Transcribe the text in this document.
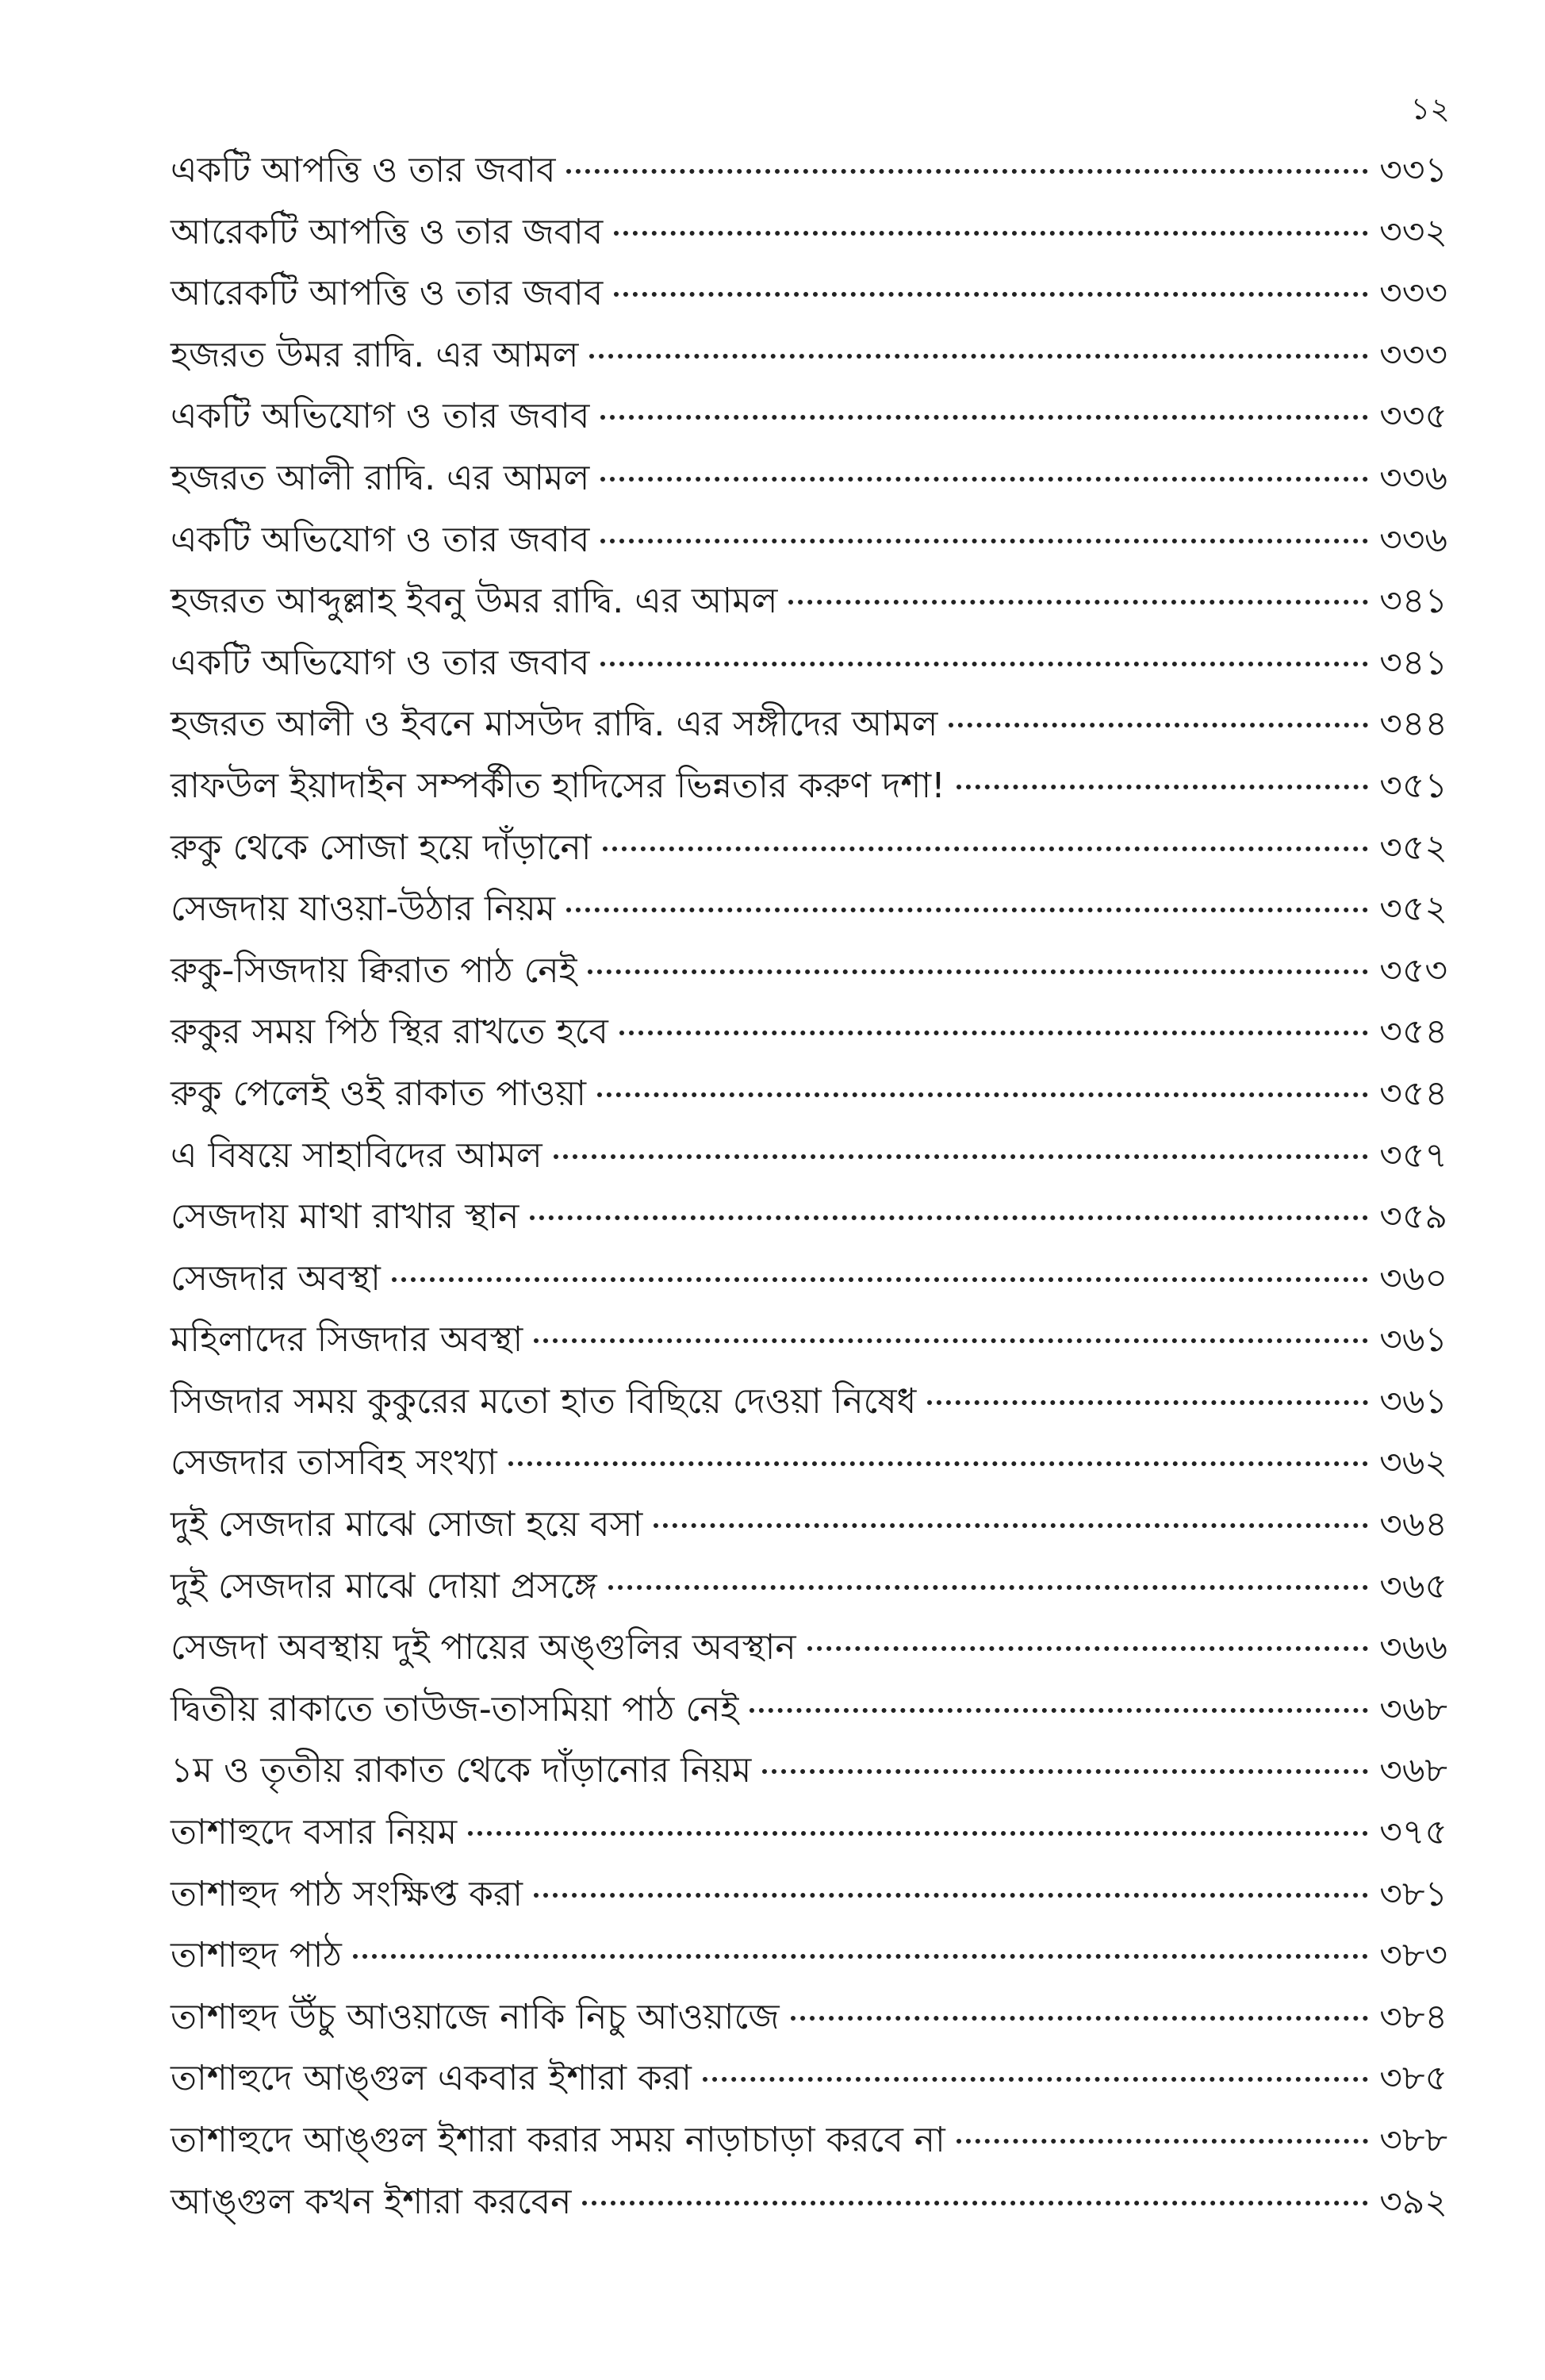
১২
একটি আপত্তি ও তার জবাব	৩৩১
আরেকটি আপত্তি ও তার জবাব	৩৩২
আরেকটি আপত্তি ও তার জবাব	৩৩৩
হজরত উমর রাদ্বি. এর আমল	৩৩৩
একটি অভিযোগ ও তার জবাব	৩৩৫
হজরত আলী রাদ্বি. এর আমল	৩৩৬
একটি অভিযোগ ও তার জবাব	৩৩৬
হজরত আব্দুল্লাহ ইবনু উমর রাদ্বি. এর আমল	৩৪১
একটি অভিযোগ ও তার জবাব	৩৪১
হজরত আলী ও ইবনে মাসউদ রাদ্বি. এর সঙ্গীদের আমল	৩৪৪
রাফউল ইয়াদাইন সম্পর্কীত হাদিসের ভিন্নতার করুণ দশা!	৩৫১
রুকু থেকে সোজা হয়ে দাঁড়ানো	৩৫২
সেজদায় যাওয়া-উঠার নিয়ম	৩৫২
রুকু-সিজদায় ক্বিরাত পাঠ নেই	৩৫৩
রুকুর সময় পিঠ স্থির রাখতে হবে	৩৫৪
রুকু পেলেই ওই রাকাত পাওয়া	৩৫৪
এ বিষয়ে সাহাবিদের আমল	৩৫৭
সেজদায় মাথা রাখার স্থান	৩৫৯
সেজদার অবস্থা	৩৬০
মহিলাদের সিজদার অবস্থা	৩৬১
সিজদার সময় কুকুরের মতো হাত বিছিয়ে দেওয়া নিষেধ	৩৬১
সেজদার তাসবিহ সংখ্যা	৩৬২
দুই সেজদার মাঝে সোজা হয়ে বসা	৩৬৪
দুই সেজদার মাঝে দোয়া প্রসঙ্গে	৩৬৫
সেজদা অবস্থায় দুই পায়ের অঙ্গুলির অবস্থান	৩৬৬
দ্বিতীয় রাকাতে তাউজ-তাসমিয়া পাঠ নেই	৩৬৮
১ম ও তৃতীয় রাকাত থেকে দাঁড়ানোর নিয়ম	৩৬৮
তাশাহুদে বসার নিয়ম	৩৭৫
তাশাহুদ পাঠ সংক্ষিপ্ত করা	৩৮১
তাশাহুদ পাঠ	৩৮৩
তাশাহুদ উঁচু আওয়াজে নাকি নিচু আওয়াজে	৩৮৪
তাশাহুদে আঙ্গুল একবার ইশারা করা	৩৮৫
তাশাহুদে আঙ্গুল ইশারা করার সময় নাড়াচাড়া করবে না	৩৮৮
আঙ্গুল কখন ইশারা করবেন	৩৯২
